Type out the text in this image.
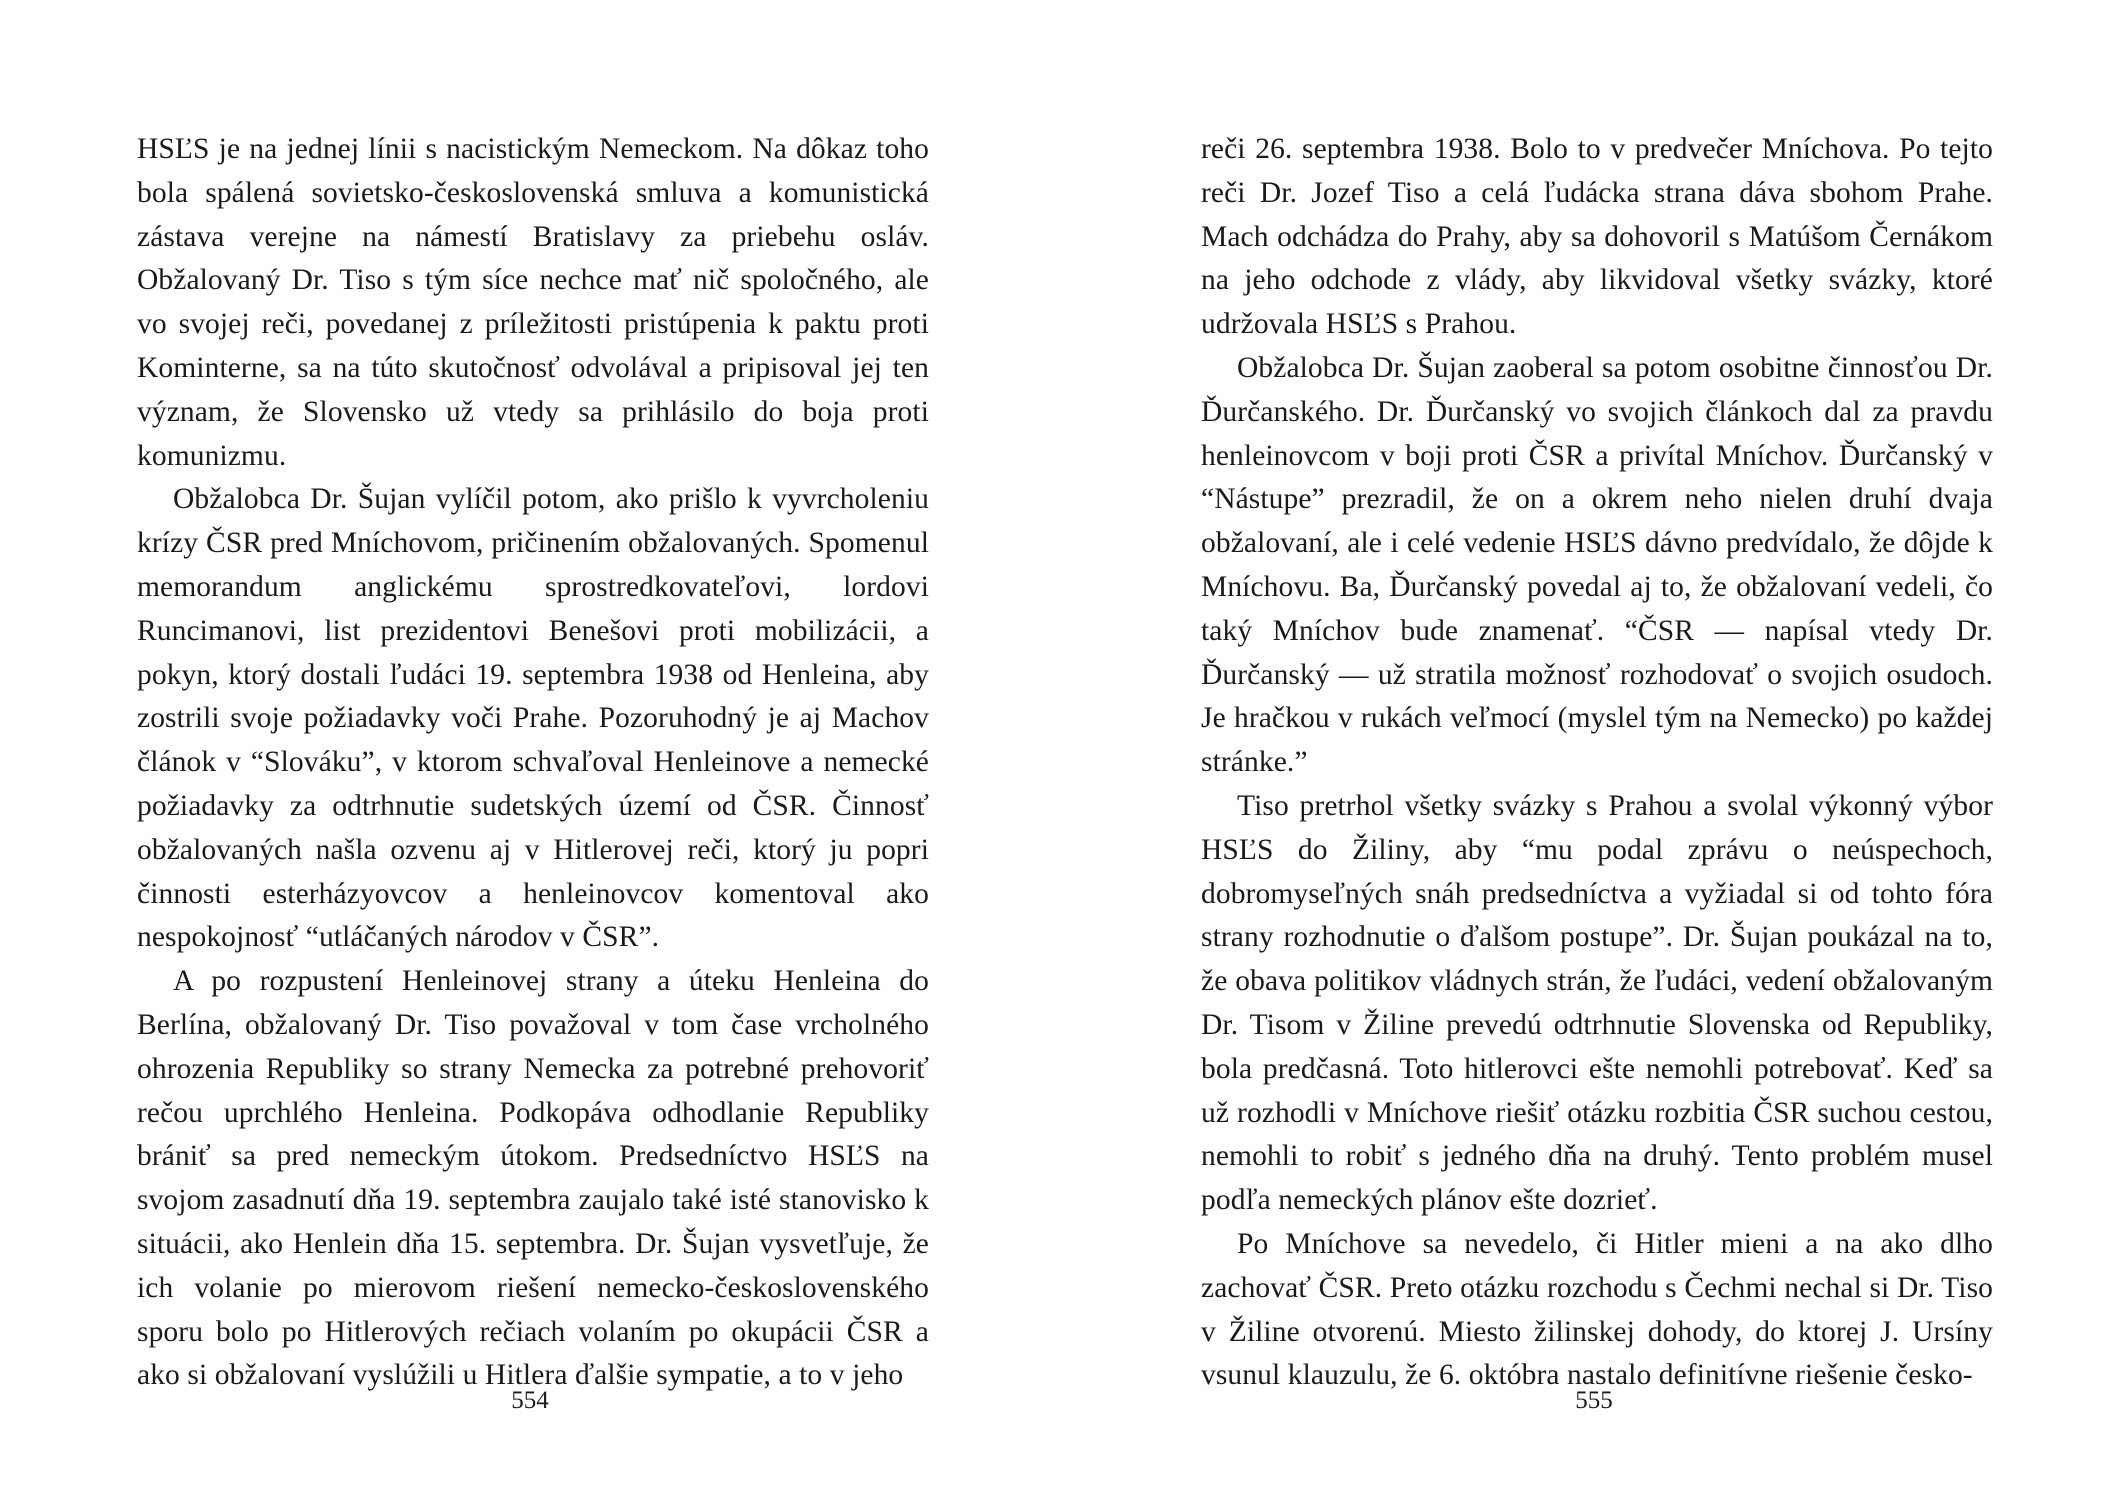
HSĽS je na jednej línii s nacistickým Nemeckom. Na dôkaz toho bola spálená sovietsko-československá smluva a komunistická zástava verejne na námestí Bratislavy za priebehu osláv. Obžalovaný Dr. Tiso s tým síce nechce mať nič spoločného, ale vo svojej reči, povedanej z príležitosti pristúpenia k paktu proti Kominterne, sa na túto skutočnosť odvolával a pripisoval jej ten význam, že Slovensko už vtedy sa prihlásilo do boja proti komunizmu.

Obžalobca Dr. Šujan vylíčil potom, ako prišlo k vyvrcholeniu krízy ČSR pred Mníchovom, pričinením obžalovaných. Spomenul memorandum anglickému sprostredkovateľovi, lordovi Runcimanovi, list prezidentovi Benešovi proti mobilizácii, a pokyn, ktorý dostali ľudáci 19. septembra 1938 od Henleina, aby zostrili svoje požiadavky voči Prahe. Pozoruhodný je aj Machov článok v “Slováku”, v ktorom schvaľoval Henleinove a nemecké požiadavky za odtrhnutie sudetských území od ČSR. Činnosť obžalovaných našla ozvenu aj v Hitlerovej reči, ktorý ju popri činnosti esterházyovcov a henleinovcov komentoval ako nespokojnosť “utláčaných národov v ČSR”.

A po rozpustení Henleinovej strany a úteku Henleina do Berlína, obžalovaný Dr. Tiso považoval v tom čase vrcholného ohrozenia Republiky so strany Nemecka za potrebné prehovoriť rečou uprchlého Henleina. Podkopáva odhodlanie Republiky brániť sa pred nemeckým útokom. Predsedníctvo HSĽS na svojom zasadnutí dňa 19. septembra zaujalo také isté stanovisko k situácii, ako Henlein dňa 15. septembra. Dr. Šujan vysvetľuje, že ich volanie po mierovom riešení nemecko-československého sporu bolo po Hitlerových rečiach volaním po okupácii ČSR a ako si obžalovaní vyslúžili u Hitlera ďalšie sympatie, a to v jeho

554

reči 26. septembra 1938. Bolo to v predvečer Mníchova. Po tejto reči Dr. Jozef Tiso a celá ľudácka strana dáva sbohom Prahe. Mach odchádza do Prahy, aby sa dohovoril s Matúšom Černákom na jeho odchode z vlády, aby likvidoval všetky svázky, ktoré udržovala HSĽS s Prahou.

Obžalobca Dr. Šujan zaoberal sa potom osobitne činnosťou Dr. Ďurčanského. Dr. Ďurčanský vo svojich článkoch dal za pravdu henleinovcom v boji proti ČSR a privítal Mníchov. Ďurčanský v “Nástupe” prezradil, že on a okrem neho nielen druhí dvaja obžalovaní, ale i celé vedenie HSĽS dávno predvídalo, že dôjde k Mníchovu. Ba, Ďurčanský povedal aj to, že obžalovaní vedeli, čo taký Mníchov bude znamenať. “ČSR — napísal vtedy Dr. Ďurčanský — už stratila možnosť rozhodovať o svojich osudoch. Je hračkou v rukách veľmocí (myslel tým na Nemecko) po každej stránke.”

Tiso pretrhol všetky svázky s Prahou a svolal výkonný výbor HSĽS do Žiliny, aby “mu podal zprávu o neúspechoch, dobromyseľných snáh predsedníctva a vyžiadal si od tohto fóra strany rozhodnutie o ďalšom postupe”. Dr. Šujan poukázal na to, že obava politikov vládnych strán, že ľudáci, vedení obžalovaným Dr. Tisom v Žiline prevedú odtrhnutie Slovenska od Republiky, bola predčasná. Toto hitlerovci ešte nemohli potrebovať. Keď sa už rozhodli v Mníchove riešiť otázku rozbitia ČSR suchou cestou, nemohli to robiť s jedného dňa na druhý. Tento problém musel podľa nemeckých plánov ešte dozrieť.

Po Mníchove sa nevedelo, či Hitler mieni a na ako dlho zachovať ČSR. Preto otázku rozchodu s Čechmi nechal si Dr. Tiso v Žiline otvorenú. Miesto žilinskej dohody, do ktorej J. Ursíny vsunul klauzulu, že 6. októbra nastalo definitívne riešenie česko-

555
